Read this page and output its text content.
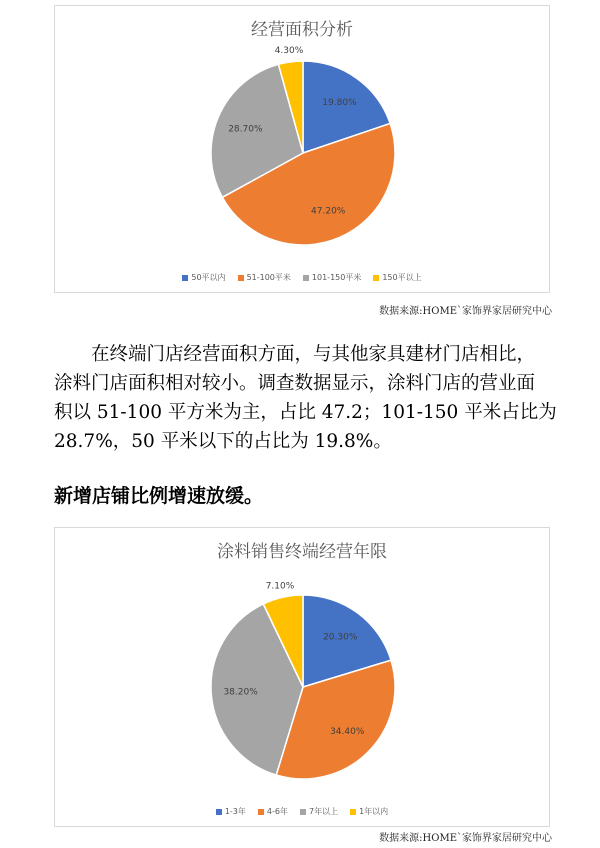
经营面积分析
19.80%
47.20%
28.70%
4.30%
50平以内	51-100平米	101-150平米	150平以上
数据来源:HOME`家饰界家居研究中心
　　在终端门店经营面积方面，与其他家具建材门店相比，
涂料门店面积相对较小。调查数据显示，涂料门店的营业面
积以 51-100 平方米为主，占比 47.2；101-150 平米占比为
28.7%，50 平米以下的占比为 19.8%。
新增店铺比例增速放缓。
涂料销售终端经营年限
20.30%
34.40%
38.20%
7.10%
1-3年	4-6年	7年以上	1年以内
数据来源:HOME`家饰界家居研究中心
